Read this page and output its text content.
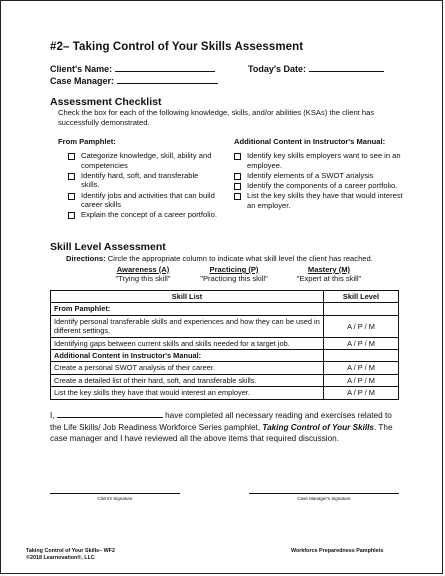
#2– Taking Control of Your Skills Assessment
Client's Name:	Today's Date:
Case Manager:
Assessment Checklist
Check the box for each of the following knowledge, skills, and/or abilities (KSAs) the client has successfully demonstrated.
From Pamphlet:	Additional Content in Instructor's Manual:
Categorize knowledge, skill, ability and competencies
Identify hard, soft, and transferable skills.
Identify jobs and activities that can build career skills
Explain the concept of a career portfolio.
Identify key skills employers want to see in an employee.
Identify elements of a SWOT analysis
Identify the components of a career portfolio.
List the key skills they have that would interest an employer.
Skill Level Assessment
Directions: Circle the appropriate column to indicate what skill level the client has reached.
Awareness (A)
"Trying this skill"
Practicing (P)
"Practicing this skill"
Mastery (M)
"Expert at this skill"
Skill List	Skill Level
From Pamphlet:	
Identify personal transferable skills and experiences and how they can be used in different settings.	A / P / M
Identifying gaps between current skills and skills needed for a target job.	A / P / M
Additional Content in Instructor's Manual:	
Create a personal SWOT analysis of their career.	A / P / M
Create a detailed list of their hard, soft, and transferable skills.	A / P / M
List the key skills they have that would interest an employer.	A / P / M
I,	have completed all necessary reading and exercises related to the Life Skills/ Job Readiness Workforce Series pamphlet, Taking Control of Your Skills. The case manager and I have reviewed all the above items that required discussion.
Client's Signature	Case Manager's Signature
Taking Control of Your Skills– WF2
©2018 Learnovation®, LLC
Workforce Preparedness Pamphlets
